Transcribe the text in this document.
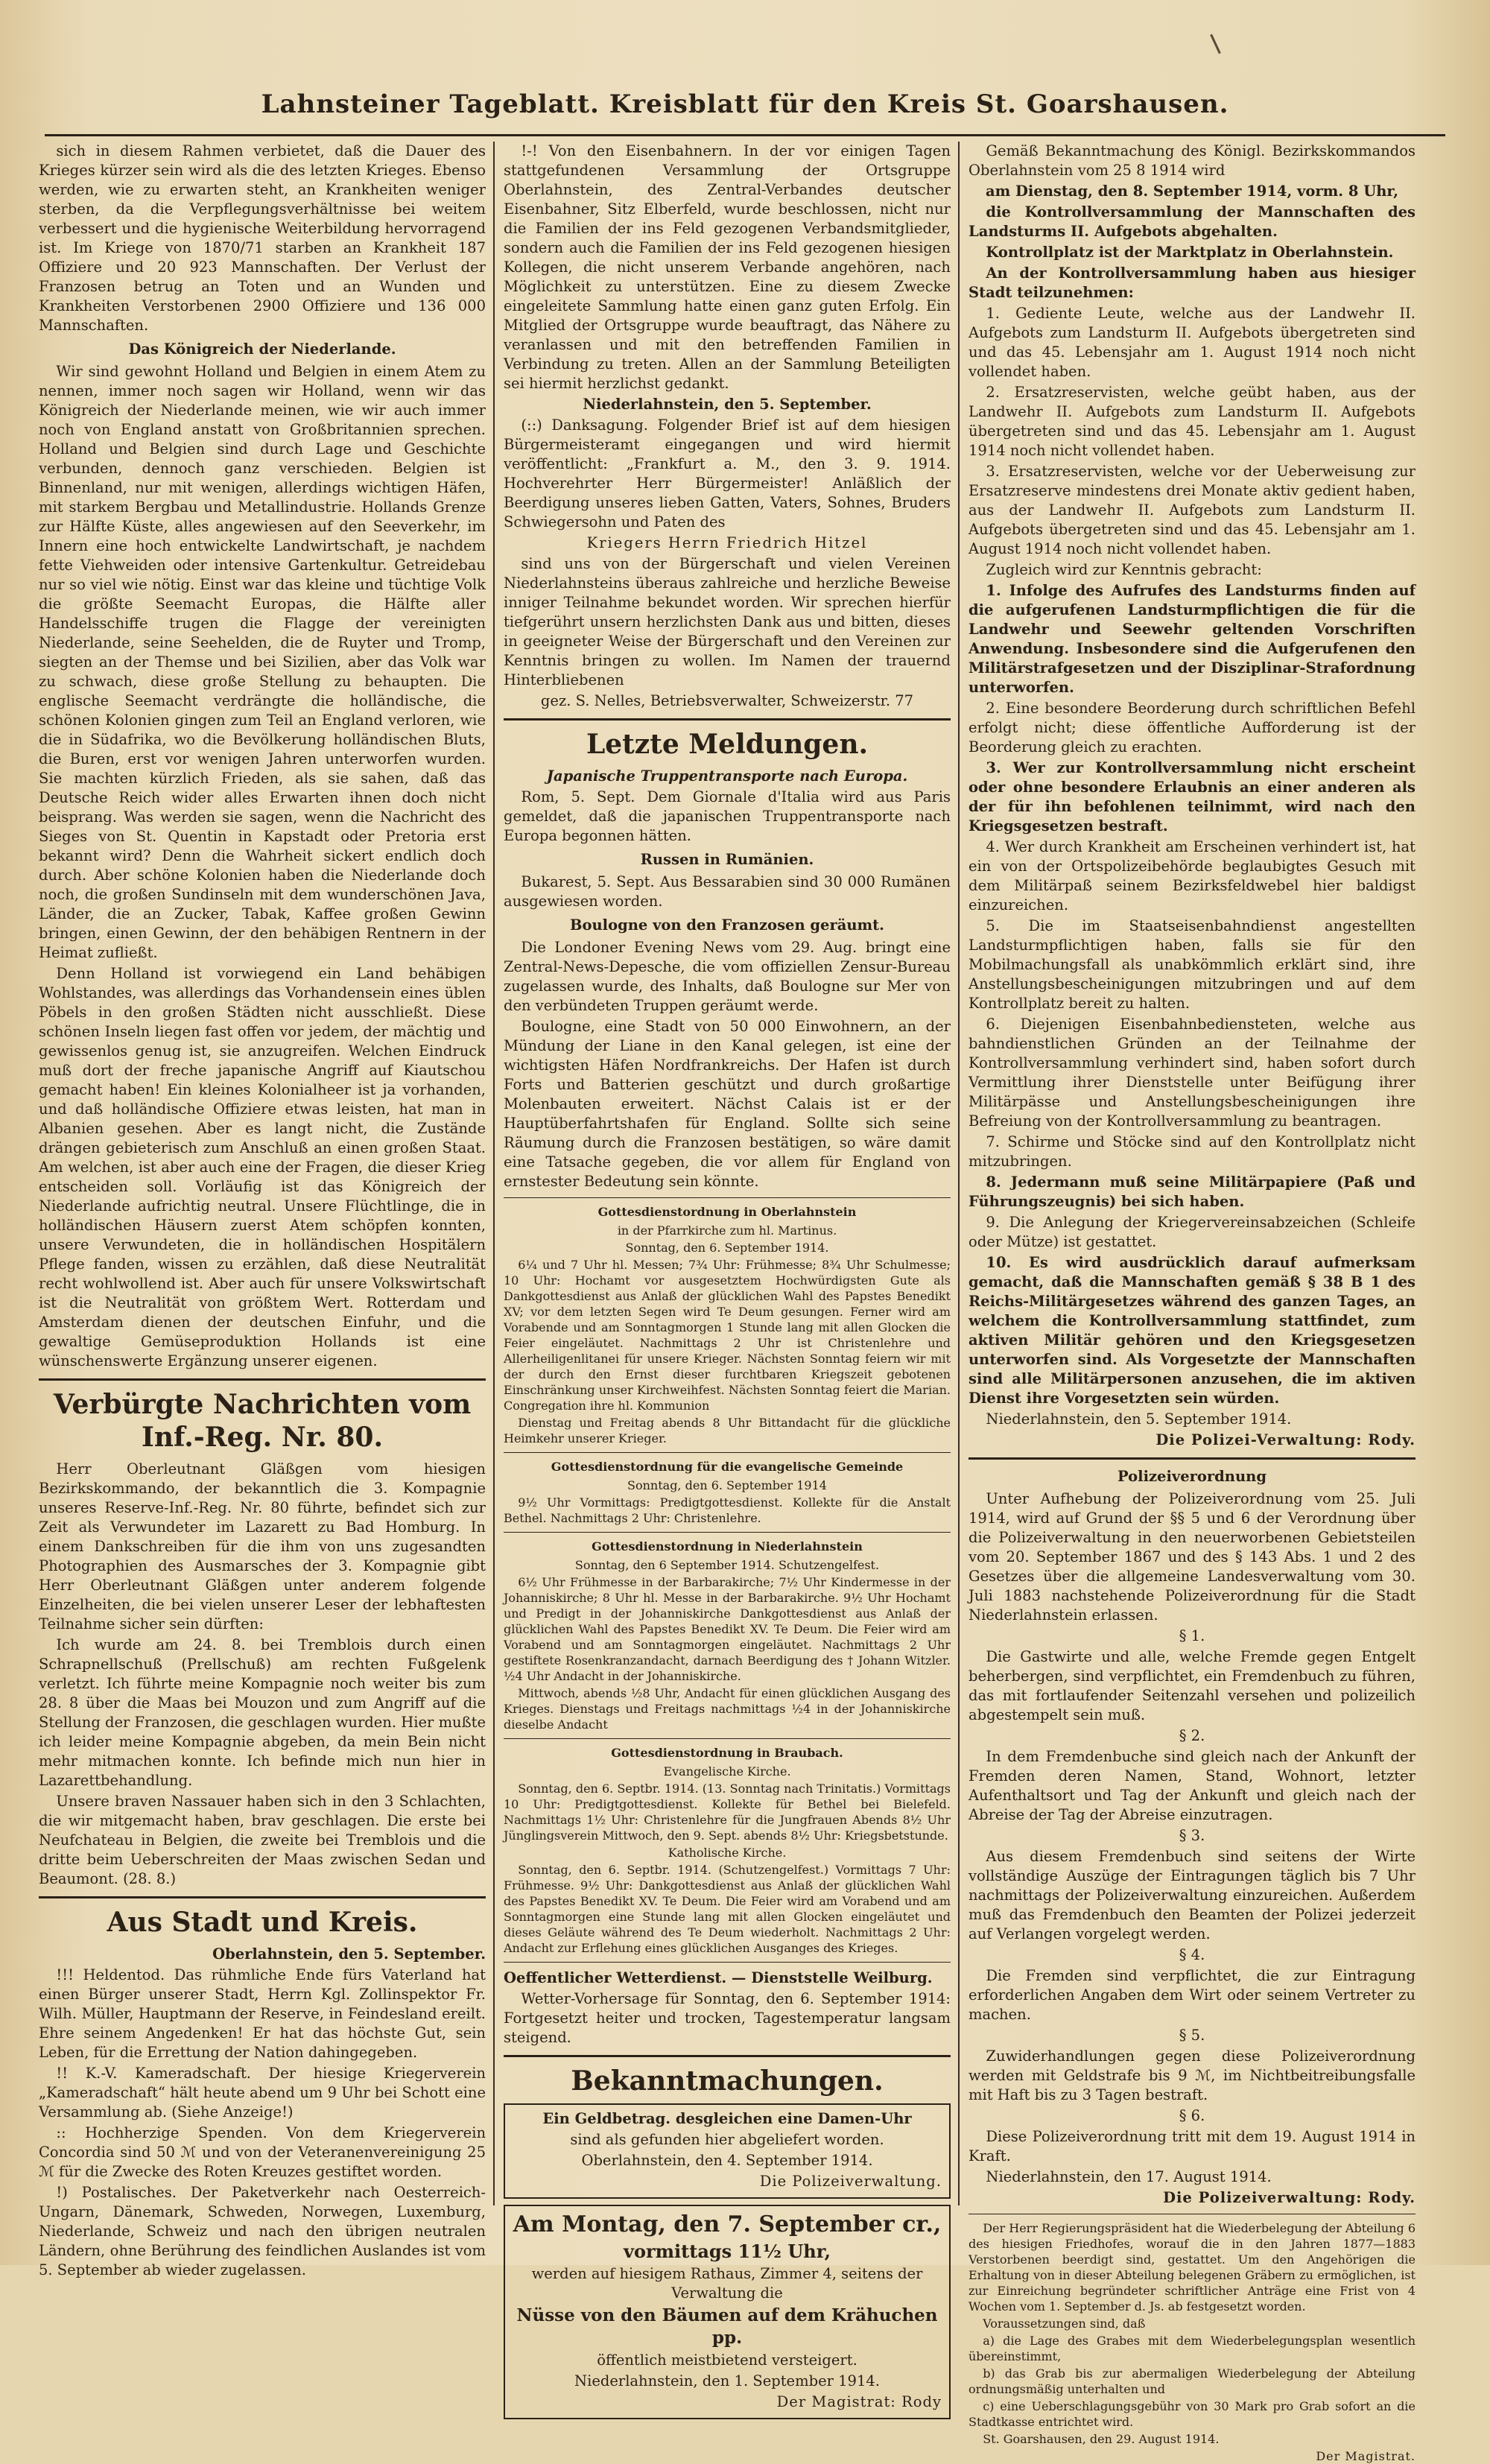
Lahnsteiner Tageblatt. Kreisblatt für den Kreis St. Goarshausen.

sich in diesem Rahmen verbietet, daß die Dauer des Krieges kürzer sein wird als die des letzten Krieges. Ebenso werden, wie zu erwarten steht, an Krankheiten weniger sterben, da die Verpflegungsverhältnisse bei weitem verbessert und die hygienische Weiterbildung hervorragend ist. Im Kriege von 1870/71 starben an Krankheit 187 Offiziere und 20 923 Mannschaften. Der Verlust der Franzosen betrug an Toten und an Wunden und Krankheiten Verstorbenen 2900 Offiziere und 136 000 Mannschaften.

Das Königreich der Niederlande.

Wir sind gewohnt Holland und Belgien in einem Atem zu nennen, immer noch sagen wir Holland, wenn wir das Königreich der Niederlande meinen, wie wir auch immer noch von England anstatt von Großbritannien sprechen. Holland und Belgien sind durch Lage und Geschichte verbunden, dennoch ganz verschieden. Belgien ist Binnenland, nur mit wenigen, allerdings wichtigen Häfen, mit starkem Bergbau und Metallindustrie. Hollands Grenze zur Hälfte Küste, alles angewiesen auf den Seeverkehr, im Innern eine hoch entwickelte Landwirtschaft, je nachdem fette Viehweiden oder intensive Gartenkultur. Getreidebau nur so viel wie nötig. Einst war das kleine und tüchtige Volk die größte Seemacht Europas, die Hälfte aller Handelsschiffe trugen die Flagge der vereinigten Niederlande, seine Seehelden, die de Ruyter und Tromp, siegten an der Themse und bei Sizilien, aber das Volk war zu schwach, diese große Stellung zu behaupten. Die englische Seemacht verdrängte die holländische, die schönen Kolonien gingen zum Teil an England verloren, wie die in Südafrika, wo die Bevölkerung holländischen Bluts, die Buren, erst vor wenigen Jahren unterworfen wurden. Sie machten kürzlich Frieden, als sie sahen, daß das Deutsche Reich wider alles Erwarten ihnen doch nicht beisprang. Was werden sie sagen, wenn die Nachricht des Sieges von St. Quentin in Kapstadt oder Pretoria erst bekannt wird? Denn die Wahrheit sickert endlich doch durch. Aber schöne Kolonien haben die Niederlande doch noch, die großen Sundinseln mit dem wunderschönen Java, Länder, die an Zucker, Tabak, Kaffee großen Gewinn bringen, einen Gewinn, der den behäbigen Rentnern in der Heimat zufließt.

Denn Holland ist vorwiegend ein Land behäbigen Wohlstandes, was allerdings das Vorhandensein eines üblen Pöbels in den großen Städten nicht ausschließt. Diese schönen Inseln liegen fast offen vor jedem, der mächtig und gewissenlos genug ist, sie anzugreifen. Welchen Eindruck muß dort der freche japanische Angriff auf Kiautschou gemacht haben! Ein kleines Kolonialheer ist ja vorhanden, und daß holländische Offiziere etwas leisten, hat man in Albanien gesehen. Aber es langt nicht, die Zustände drängen gebieterisch zum Anschluß an einen großen Staat. Am welchen, ist aber auch eine der Fragen, die dieser Krieg entscheiden soll. Vorläufig ist das Königreich der Niederlande aufrichtig neutral. Unsere Flüchtlinge, die in holländischen Häusern zuerst Atem schöpfen konnten, unsere Verwundeten, die in holländischen Hospitälern Pflege fanden, wissen zu erzählen, daß diese Neutralität recht wohlwollend ist. Aber auch für unsere Volkswirtschaft ist die Neutralität von größtem Wert. Rotterdam und Amsterdam dienen der deutschen Einfuhr, und die gewaltige Gemüseproduktion Hollands ist eine wünschenswerte Ergänzung unserer eigenen.

Verbürgte Nachrichten vom Inf.-Reg. Nr. 80.

Herr Oberleutnant Gläßgen vom hiesigen Bezirkskommando, der bekanntlich die 3. Kompagnie unseres Reserve-Inf.-Reg. Nr. 80 führte, befindet sich zur Zeit als Verwundeter im Lazarett zu Bad Homburg. In einem Dankschreiben für die ihm von uns zugesandten Photographien des Ausmarsches der 3. Kompagnie gibt Herr Oberleutnant Gläßgen unter anderem folgende Einzelheiten, die bei vielen unserer Leser der lebhaftesten Teilnahme sicher sein dürften:

Ich wurde am 24. 8. bei Tremblois durch einen Schrapnellschuß (Prellschuß) am rechten Fußgelenk verletzt. Ich führte meine Kompagnie noch weiter bis zum 28. 8 über die Maas bei Mouzon und zum Angriff auf die Stellung der Franzosen, die geschlagen wurden. Hier mußte ich leider meine Kompagnie abgeben, da mein Bein nicht mehr mitmachen konnte. Ich befinde mich nun hier in Lazarettbehandlung.

Unsere braven Nassauer haben sich in den 3 Schlachten, die wir mitgemacht haben, brav geschlagen. Die erste bei Neufchateau in Belgien, die zweite bei Tremblois und die dritte beim Ueberschreiten der Maas zwischen Sedan und Beaumont. (28. 8.)

Aus Stadt und Kreis.

Oberlahnstein, den 5. September.

!!! Heldentod. Das rühmliche Ende fürs Vaterland hat einen Bürger unserer Stadt, Herrn Kgl. Zollinspektor Fr. Wilh. Müller, Hauptmann der Reserve, in Feindesland ereilt. Ehre seinem Angedenken! Er hat das höchste Gut, sein Leben, für die Errettung der Nation dahingegeben.

!! K.-V. Kameradschaft. Der hiesige Kriegerverein „Kameradschaft“ hält heute abend um 9 Uhr bei Schott eine Versammlung ab. (Siehe Anzeige!)

:: Hochherzige Spenden. Von dem Kriegerverein Concordia sind 50 ℳ und von der Veteranenvereinigung 25 ℳ für die Zwecke des Roten Kreuzes gestiftet worden.

!) Postalisches. Der Paketverkehr nach Oesterreich-Ungarn, Dänemark, Schweden, Norwegen, Luxemburg, Niederlande, Schweiz und nach den übrigen neutralen Ländern, ohne Berührung des feindlichen Auslandes ist vom 5. September ab wieder zugelassen.

!-! Von den Eisenbahnern. In der vor einigen Tagen stattgefundenen Versammlung der Ortsgruppe Oberlahnstein, des Zentral-Verbandes deutscher Eisenbahner, Sitz Elberfeld, wurde beschlossen, nicht nur die Familien der ins Feld gezogenen Verbandsmitglieder, sondern auch die Familien der ins Feld gezogenen hiesigen Kollegen, die nicht unserem Verbande angehören, nach Möglichkeit zu unterstützen. Eine zu diesem Zwecke eingeleitete Sammlung hatte einen ganz guten Erfolg. Ein Mitglied der Ortsgruppe wurde beauftragt, das Nähere zu veranlassen und mit den betreffenden Familien in Verbindung zu treten. Allen an der Sammlung Beteiligten sei hiermit herzlichst gedankt.

Niederlahnstein, den 5. September.

(::) Danksagung. Folgender Brief ist auf dem hiesigen Bürgermeisteramt eingegangen und wird hiermit veröffentlicht: „Frankfurt a. M., den 3. 9. 1914. Hochverehrter Herr Bürgermeister! Anläßlich der Beerdigung unseres lieben Gatten, Vaters, Sohnes, Bruders Schwiegersohn und Paten des

Kriegers Herrn Friedrich Hitzel

sind uns von der Bürgerschaft und vielen Vereinen Niederlahnsteins überaus zahlreiche und herzliche Beweise inniger Teilnahme bekundet worden. Wir sprechen hierfür tiefgerührt unsern herzlichsten Dank aus und bitten, dieses in geeigneter Weise der Bürgerschaft und den Vereinen zur Kenntnis bringen zu wollen. Im Namen der trauernd Hinterbliebenen

gez. S. Nelles, Betriebsverwalter, Schweizerstr. 77

Letzte Meldungen.

Japanische Truppentransporte nach Europa.

Rom, 5. Sept. Dem Giornale d'Italia wird aus Paris gemeldet, daß die japanischen Truppentransporte nach Europa begonnen hätten.

Russen in Rumänien.

Bukarest, 5. Sept. Aus Bessarabien sind 30 000 Rumänen ausgewiesen worden.

Boulogne von den Franzosen geräumt.

Die Londoner Evening News vom 29. Aug. bringt eine Zentral-News-Depesche, die vom offiziellen Zensur-Bureau zugelassen wurde, des Inhalts, daß Boulogne sur Mer von den verbündeten Truppen geräumt werde.

Boulogne, eine Stadt von 50 000 Einwohnern, an der Mündung der Liane in den Kanal gelegen, ist eine der wichtigsten Häfen Nordfrankreichs. Der Hafen ist durch Forts und Batterien geschützt und durch großartige Molenbauten erweitert. Nächst Calais ist er der Hauptüberfahrtshafen für England. Sollte sich seine Räumung durch die Franzosen bestätigen, so wäre damit eine Tatsache gegeben, die vor allem für England von ernstester Bedeutung sein könnte.

Gottesdienstordnung in Oberlahnstein

in der Pfarrkirche zum hl. Martinus.

Sonntag, den 6. September 1914.

6¼ und 7 Uhr hl. Messen; 7¾ Uhr: Frühmesse; 8¾ Uhr Schulmesse; 10 Uhr: Hochamt vor ausgesetztem Hochwürdigsten Gute als Dankgottesdienst aus Anlaß der glücklichen Wahl des Papstes Benedikt XV; vor dem letzten Segen wird Te Deum gesungen. Ferner wird am Vorabende und am Sonntagmorgen 1 Stunde lang mit allen Glocken die Feier eingeläutet. Nachmittags 2 Uhr ist Christenlehre und Allerheiligenlitanei für unsere Krieger. Nächsten Sonntag feiern wir mit der durch den Ernst dieser furchtbaren Kriegszeit gebotenen Einschränkung unser Kirchweihfest. Nächsten Sonntag feiert die Marian. Congregation ihre hl. Kommunion

Dienstag und Freitag abends 8 Uhr Bittandacht für die glückliche Heimkehr unserer Krieger.

Gottesdienstordnung für die evangelische Gemeinde

Sonntag, den 6. September 1914

9½ Uhr Vormittags: Predigtgottesdienst. Kollekte für die Anstalt Bethel. Nachmittags 2 Uhr: Christenlehre.

Gottesdienstordnung in Niederlahnstein

Sonntag, den 6 September 1914. Schutzengelfest.

6½ Uhr Frühmesse in der Barbarakirche; 7½ Uhr Kindermesse in der Johanniskirche; 8 Uhr hl. Messe in der Barbarakirche. 9½ Uhr Hochamt und Predigt in der Johanniskirche Dankgottesdienst aus Anlaß der glücklichen Wahl des Papstes Benedikt XV. Te Deum. Die Feier wird am Vorabend und am Sonntagmorgen eingeläutet. Nachmittags 2 Uhr gestiftete Rosenkranzandacht, darnach Beerdigung des † Johann Witzler. ½4 Uhr Andacht in der Johanniskirche.

Mittwoch, abends ½8 Uhr, Andacht für einen glücklichen Ausgang des Krieges. Dienstags und Freitags nachmittags ½4 in der Johanniskirche dieselbe Andacht

Gottesdienstordnung in Braubach.

Evangelische Kirche.

Sonntag, den 6. Septbr. 1914. (13. Sonntag nach Trinitatis.) Vormittags 10 Uhr: Predigtgottesdienst. Kollekte für Bethel bei Bielefeld. Nachmittags 1½ Uhr: Christenlehre für die Jungfrauen Abends 8½ Uhr Jünglingsverein Mittwoch, den 9. Sept. abends 8½ Uhr: Kriegsbetstunde.

Katholische Kirche.

Sonntag, den 6. Septbr. 1914. (Schutzengelfest.) Vormittags 7 Uhr: Frühmesse. 9½ Uhr: Dankgottesdienst aus Anlaß der glücklichen Wahl des Papstes Benedikt XV. Te Deum. Die Feier wird am Vorabend und am Sonntagmorgen eine Stunde lang mit allen Glocken eingeläutet und dieses Geläute während des Te Deum wiederholt. Nachmittags 2 Uhr: Andacht zur Erflehung eines glücklichen Ausganges des Krieges.

Oeffentlicher Wetterdienst. — Dienststelle Weilburg.

Wetter-Vorhersage für Sonntag, den 6. September 1914: Fortgesetzt heiter und trocken, Tagestemperatur langsam steigend.

Bekanntmachungen.

Ein Geldbetrag. desgleichen eine Damen-Uhr

sind als gefunden hier abgeliefert worden.

Oberlahnstein, den 4. September 1914.

Die Polizeiverwaltung.

Am Montag, den 7. September cr.,

vormittags 11½ Uhr,

werden auf hiesigem Rathaus, Zimmer 4, seitens der Verwaltung die

Nüsse von den Bäumen auf dem Krähuchen pp.

öffentlich meistbietend versteigert.

Niederlahnstein, den 1. September 1914.

Der Magistrat: Rody

Gemäß Bekanntmachung des Königl. Bezirkskommandos Oberlahnstein vom 25 8 1914 wird

am Dienstag, den 8. September 1914, vorm. 8 Uhr,

die Kontrollversammlung der Mannschaften des Landsturms II. Aufgebots abgehalten.

Kontrollplatz ist der Marktplatz in Oberlahnstein.

An der Kontrollversammlung haben aus hiesiger Stadt teilzunehmen:

1. Gediente Leute, welche aus der Landwehr II. Aufgebots zum Landsturm II. Aufgebots übergetreten sind und das 45. Lebensjahr am 1. August 1914 noch nicht vollendet haben.

2. Ersatzreservisten, welche geübt haben, aus der Landwehr II. Aufgebots zum Landsturm II. Aufgebots übergetreten sind und das 45. Lebensjahr am 1. August 1914 noch nicht vollendet haben.

3. Ersatzreservisten, welche vor der Ueberweisung zur Ersatzreserve mindestens drei Monate aktiv gedient haben, aus der Landwehr II. Aufgebots zum Landsturm II. Aufgebots übergetreten sind und das 45. Lebensjahr am 1. August 1914 noch nicht vollendet haben.

Zugleich wird zur Kenntnis gebracht:

1. Infolge des Aufrufes des Landsturms finden auf die aufgerufenen Landsturmpflichtigen die für die Landwehr und Seewehr geltenden Vorschriften Anwendung. Insbesondere sind die Aufgerufenen den Militärstrafgesetzen und der Disziplinar-Strafordnung unterworfen.

2. Eine besondere Beorderung durch schriftlichen Befehl erfolgt nicht; diese öffentliche Aufforderung ist der Beorderung gleich zu erachten.

3. Wer zur Kontrollversammlung nicht erscheint oder ohne besondere Erlaubnis an einer anderen als der für ihn befohlenen teilnimmt, wird nach den Kriegsgesetzen bestraft.

4. Wer durch Krankheit am Erscheinen verhindert ist, hat ein von der Ortspolizeibehörde beglaubigtes Gesuch mit dem Militärpaß seinem Bezirksfeldwebel hier baldigst einzureichen.

5. Die im Staatseisenbahndienst angestellten Landsturmpflichtigen haben, falls sie für den Mobilmachungsfall als unabkömmlich erklärt sind, ihre Anstellungsbescheinigungen mitzubringen und auf dem Kontrollplatz bereit zu halten.

6. Diejenigen Eisenbahnbediensteten, welche aus bahndienstlichen Gründen an der Teilnahme der Kontrollversammlung verhindert sind, haben sofort durch Vermittlung ihrer Dienststelle unter Beifügung ihrer Militärpässe und Anstellungsbescheinigungen ihre Befreiung von der Kontrollversammlung zu beantragen.

7. Schirme und Stöcke sind auf den Kontrollplatz nicht mitzubringen.

8. Jedermann muß seine Militärpapiere (Paß und Führungszeugnis) bei sich haben.

9. Die Anlegung der Kriegervereinsabzeichen (Schleife oder Mütze) ist gestattet.

10. Es wird ausdrücklich darauf aufmerksam gemacht, daß die Mannschaften gemäß § 38 B 1 des Reichs-Militärgesetzes während des ganzen Tages, an welchem die Kontrollversammlung stattfindet, zum aktiven Militär gehören und den Kriegsgesetzen unterworfen sind. Als Vorgesetzte der Mannschaften sind alle Militärpersonen anzusehen, die im aktiven Dienst ihre Vorgesetzten sein würden.

Niederlahnstein, den 5. September 1914.

Die Polizei-Verwaltung: Rody.

Polizeiverordnung

Unter Aufhebung der Polizeiverordnung vom 25. Juli 1914, wird auf Grund der §§ 5 und 6 der Verordnung über die Polizeiverwaltung in den neuerworbenen Gebietsteilen vom 20. September 1867 und des § 143 Abs. 1 und 2 des Gesetzes über die allgemeine Landesverwaltung vom 30. Juli 1883 nachstehende Polizeiverordnung für die Stadt Niederlahnstein erlassen.

§ 1.

Die Gastwirte und alle, welche Fremde gegen Entgelt beherbergen, sind verpflichtet, ein Fremdenbuch zu führen, das mit fortlaufender Seitenzahl versehen und polizeilich abgestempelt sein muß.

§ 2.

In dem Fremdenbuche sind gleich nach der Ankunft der Fremden deren Namen, Stand, Wohnort, letzter Aufenthaltsort und Tag der Ankunft und gleich nach der Abreise der Tag der Abreise einzutragen.

§ 3.

Aus diesem Fremdenbuch sind seitens der Wirte vollständige Auszüge der Eintragungen täglich bis 7 Uhr nachmittags der Polizeiverwaltung einzureichen. Außerdem muß das Fremdenbuch den Beamten der Polizei jederzeit auf Verlangen vorgelegt werden.

§ 4.

Die Fremden sind verpflichtet, die zur Eintragung erforderlichen Angaben dem Wirt oder seinem Vertreter zu machen.

§ 5.

Zuwiderhandlungen gegen diese Polizeiverordnung werden mit Geldstrafe bis 9 ℳ, im Nichtbeitreibungsfalle mit Haft bis zu 3 Tagen bestraft.

§ 6.

Diese Polizeiverordnung tritt mit dem 19. August 1914 in Kraft.

Niederlahnstein, den 17. August 1914.

Die Polizeiverwaltung: Rody.

Der Herr Regierungspräsident hat die Wiederbelegung der Abteilung 6 des hiesigen Friedhofes, worauf die in den Jahren 1877—1883 Verstorbenen beerdigt sind, gestattet. Um den Angehörigen die Erhaltung von in dieser Abteilung belegenen Gräbern zu ermöglichen, ist zur Einreichung begründeter schriftlicher Anträge eine Frist von 4 Wochen vom 1. September d. Js. ab festgesetzt worden.

Voraussetzungen sind, daß

a) die Lage des Grabes mit dem Wiederbelegungsplan wesentlich übereinstimmt,

b) das Grab bis zur abermaligen Wiederbelegung der Abteilung ordnungsmäßig unterhalten und

c) eine Ueberschlagungsgebühr von 30 Mark pro Grab sofort an die Stadtkasse entrichtet wird.

St. Goarshausen, den 29. August 1914.

Der Magistrat.
